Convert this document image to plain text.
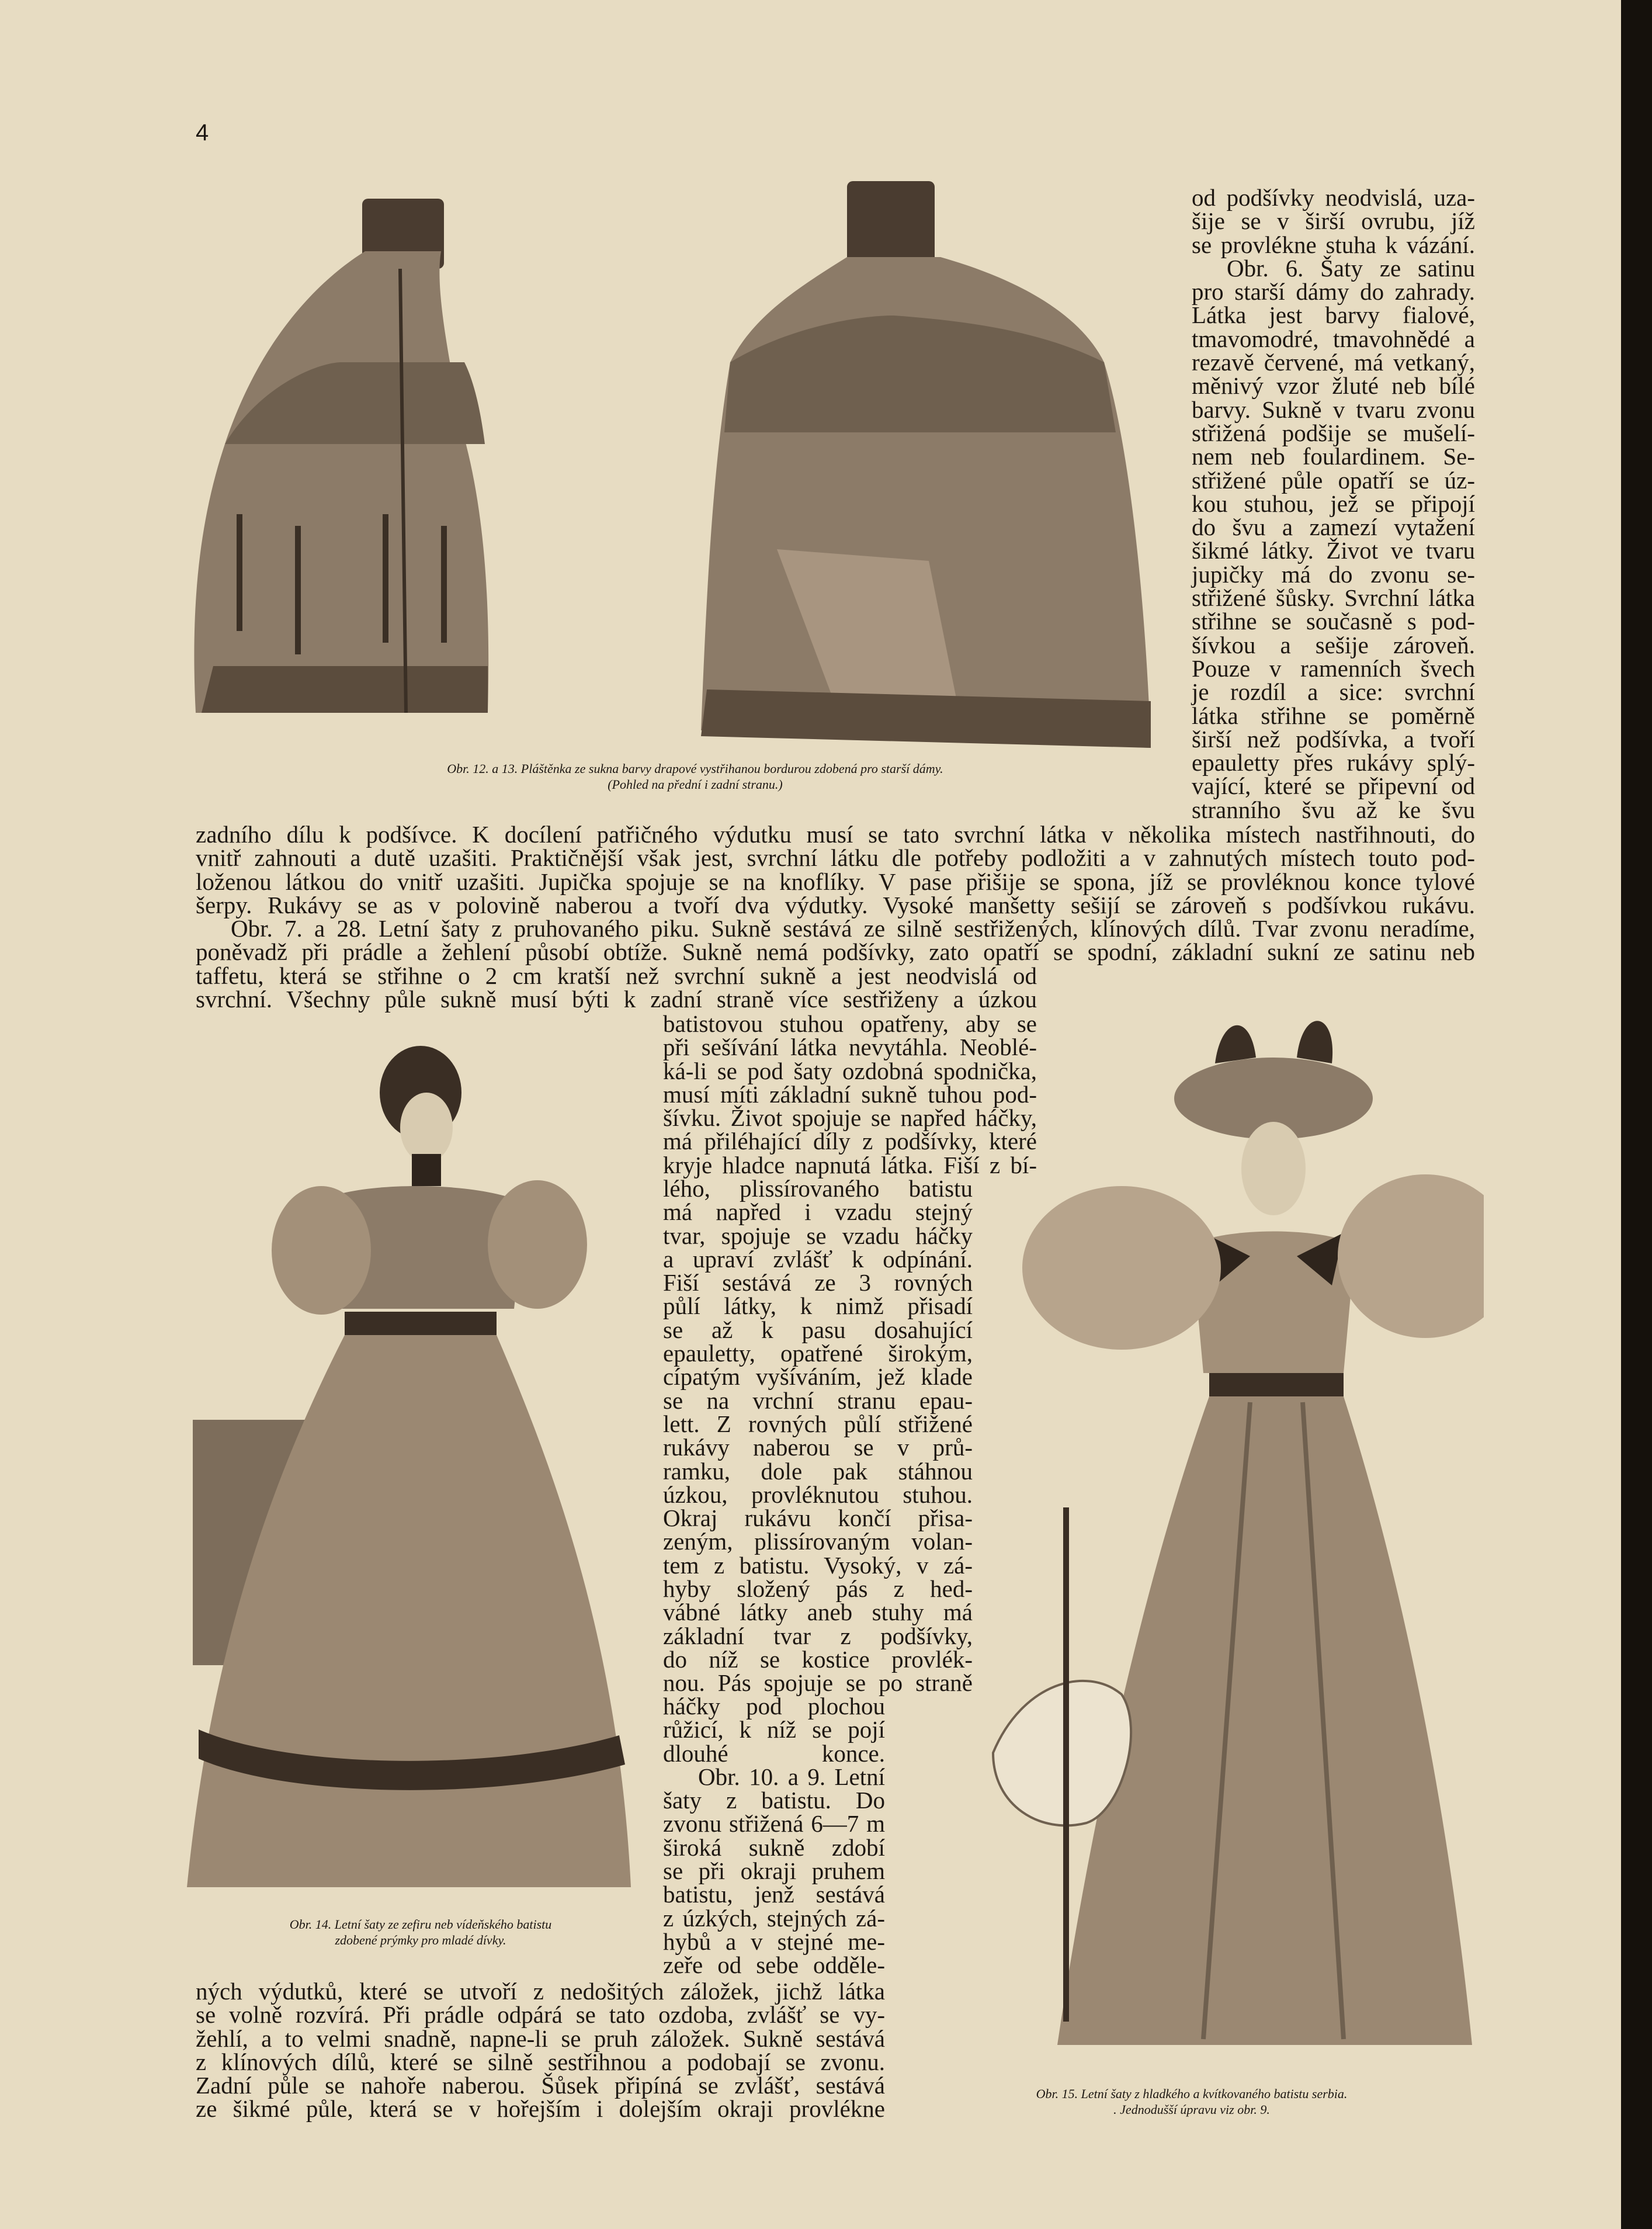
4
Obr. 12. a 13. Pláštěnka ze sukna barvy drapové vystřihanou bordurou zdobená pro starší dámy.
(Pohled na přední i zadní stranu.)

od podšívky neodvislá, uza-

šije se v širší ovrubu, jíž

se provlékne stuha k vázání.

Obr. 6. Šaty ze satinu

pro starší dámy do zahrady.

Látka jest barvy fialové,

tmavomodré, tmavohnědé a

rezavě červené, má vetkaný,

měnivý vzor žluté neb bílé

barvy. Sukně v tvaru zvonu

střižená podšije se mušelí-

nem neb foulardinem. Se-

střižené půle opatří se úz-

kou stuhou, jež se připojí

do švu a zamezí vytažení

šikmé látky. Život ve tvaru

jupičky má do zvonu se-

střižené šůsky. Svrchní látka

střihne se současně s pod-

šívkou a sešije zároveň.

Pouze v ramenních švech

je rozdíl a sice: svrchní

látka střihne se poměrně

širší než podšívka, a tvoří

epauletty přes rukávy splý-

vající, které se připevní od

stranního švu až ke švu

zadního dílu k podšívce. K docílení patřičného výdutku musí se tato svrchní látka v několika místech nastřihnouti, do

vnitř zahnouti a dutě uzašiti. Praktičnější však jest, svrchní látku dle potřeby podložiti a v zahnutých místech touto pod-

loženou látkou do vnitř uzašiti. Jupička spojuje se na knoflíky. V pase přišije se spona, jíž se provléknou konce tylové

šerpy. Rukávy se as v polovině naberou a tvoří dva výdutky. Vysoké manšetty sešijí se zároveň s podšívkou rukávu.

Obr. 7. a 28. Letní šaty z pruhovaného piku. Sukně sestává ze silně sestřižených, klínových dílů. Tvar zvonu neradíme,

poněvadž při prádle a žehlení působí obtíže. Sukně nemá podšívky, zato opatří se spodní, základní sukní ze satinu neb

taffetu, která se střihne o 2 cm kratší než svrchní sukně a jest neodvislá od

svrchní. Všechny půle sukně musí býti k zadní straně více sestřiženy a úzkou

Obr. 14. Letní šaty ze zefiru neb vídeňského batistu
zdobené prýmky pro mladé dívky.

batistovou stuhou opatřeny, aby se

při sešívání látka nevytáhla. Neoblé-

ká-li se pod šaty ozdobná spodnička,

musí míti základní sukně tuhou pod-

šívku. Život spojuje se napřed háčky,

má přiléhající díly z podšívky, které

kryje hladce napnutá látka. Fiší z bí-

lého, plissírovaného batistu

má napřed i vzadu stejný

tvar, spojuje se vzadu háčky

a upraví zvlášť k odpínání.

Fiší sestává ze 3 rovných

půlí látky, k nimž přisadí

se až k pasu dosahující

epauletty, opatřené širokým,

cípatým vyšíváním, jež klade

se na vrchní stranu epau-

lett. Z rovných půlí střižené

rukávy naberou se v prů-

ramku, dole pak stáhnou

úzkou, provléknutou stuhou.

Okraj rukávu končí přisa-

zeným, plissírovaným volan-

tem z batistu. Vysoký, v zá-

hyby složený pás z hed-

vábné látky aneb stuhy má

základní tvar z podšívky,

do níž se kostice provlék-

nou. Pás spojuje se po straně

háčky pod plochou

růžicí, k níž se pojí

dlouhé konce.

Obr. 10. a 9. Letní

šaty z batistu. Do

zvonu střižená 6—7 m

široká sukně zdobí

se při okraji pruhem

batistu, jenž sestává

z úzkých, stejných zá-

hybů a v stejné me-

zeře od sebe odděle-

Obr. 15. Letní šaty z hladkého a kvítkovaného batistu serbia.
. Jednodušší úpravu viz obr. 9.

ných výdutků, které se utvoří z nedošitých záložek, jichž látka

se volně rozvírá. Při prádle odpárá se tato ozdoba, zvlášť se vy-

žehlí, a to velmi snadně, napne-li se pruh záložek. Sukně sestává

z klínových dílů, které se silně sestřihnou a podobají se zvonu.

Zadní půle se nahoře naberou. Šůsek připíná se zvlášť, sestává

ze šikmé půle, která se v hořejším i dolejším okraji provlékne
